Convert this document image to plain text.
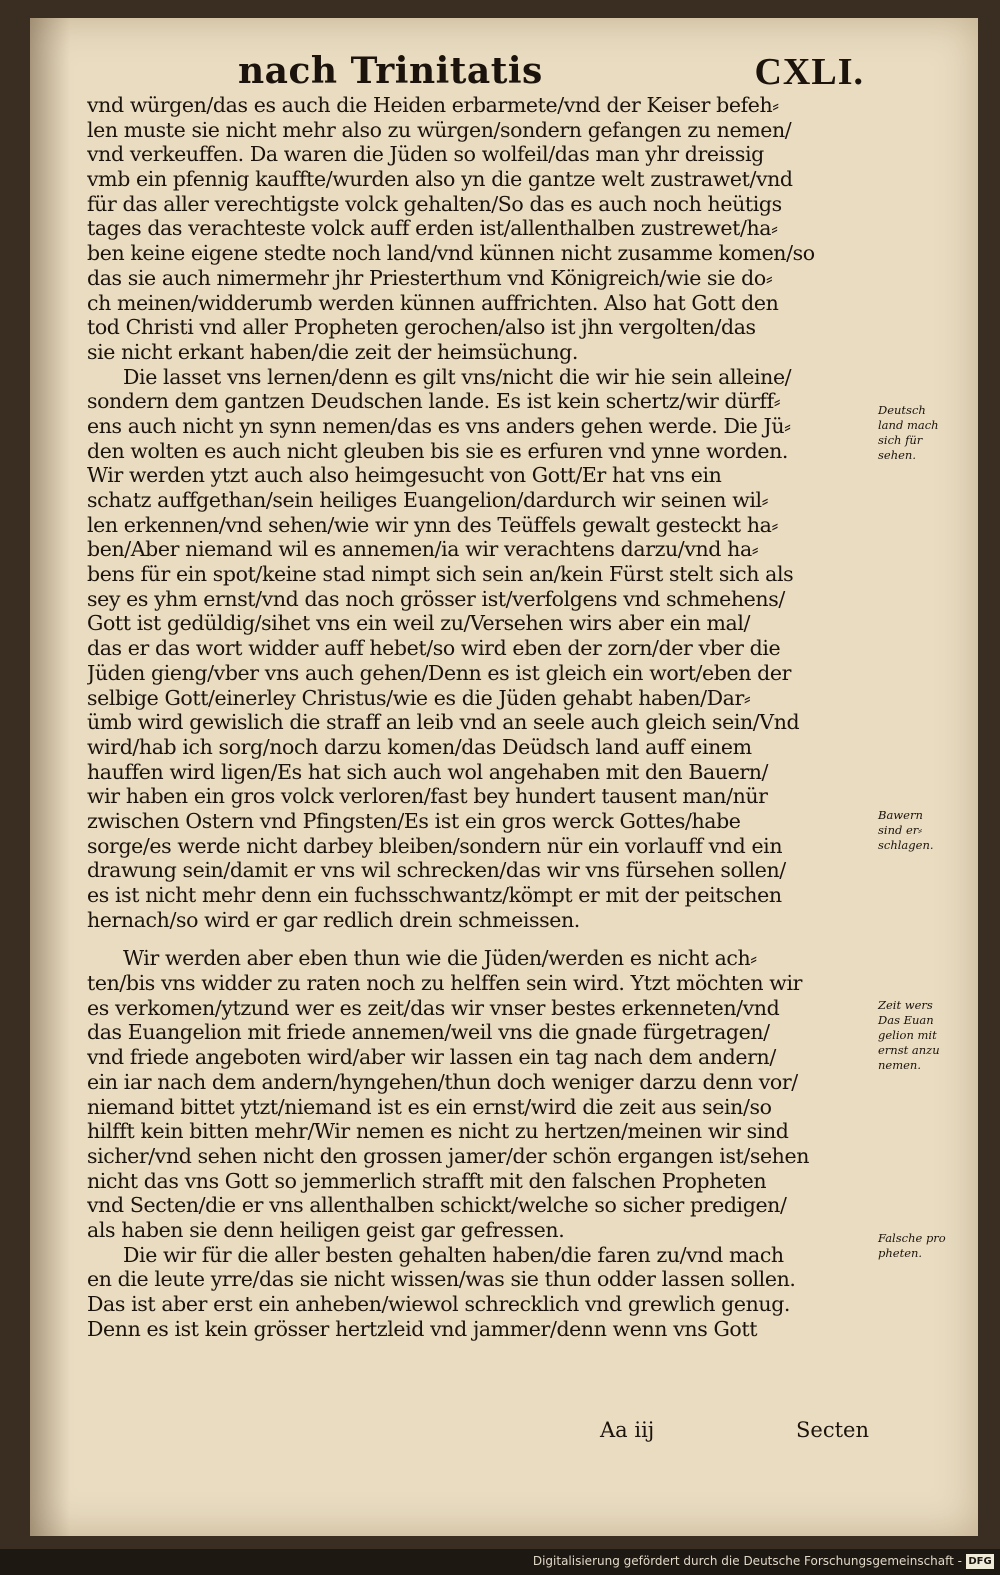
nach Trinitatis	CXLI.
vnd würgen/das es auch die Heiden erbarmete/vnd der Keiser befeh⸗
len muste sie nicht mehr also zu würgen/sondern gefangen zu nemen/
vnd verkeuffen. Da waren die Jüden so wolfeil/das man yhr dreissig
vmb ein pfennig kauffte/wurden also yn die gantze welt zustrawet/vnd
für das aller verechtigste volck gehalten/So das es auch noch heütigs
tages das verachteste volck auff erden ist/allenthalben zustrewet/ha⸗
ben keine eigene stedte noch land/vnd künnen nicht zusamme komen/so
das sie auch nimermehr jhr Priesterthum vnd Königreich/wie sie do⸗
ch meinen/widderumb werden künnen auffrichten. Also hat Gott den
tod Christi vnd aller Propheten gerochen/also ist jhn vergolten/das
sie nicht erkant haben/die zeit der heimsüchung.
Die lasset vns lernen/denn es gilt vns/nicht die wir hie sein alleine/
sondern dem gantzen Deudschen lande. Es ist kein schertz/wir dürff⸗
ens auch nicht yn synn nemen/das es vns anders gehen werde. Die Jü⸗
den wolten es auch nicht gleuben bis sie es erfuren vnd ynne worden.
Wir werden ytzt auch also heimgesucht von Gott/Er hat vns ein
schatz auffgethan/sein heiliges Euangelion/dardurch wir seinen wil⸗
len erkennen/vnd sehen/wie wir ynn des Teüffels gewalt gesteckt ha⸗
ben/Aber niemand wil es annemen/ia wir verachtens darzu/vnd ha⸗
bens für ein spot/keine stad nimpt sich sein an/kein Fürst stelt sich als
sey es yhm ernst/vnd das noch grösser ist/verfolgens vnd schmehens/
Gott ist gedüldig/sihet vns ein weil zu/Versehen wirs aber ein mal/
das er das wort widder auff hebet/so wird eben der zorn/der vber die
Jüden gieng/vber vns auch gehen/Denn es ist gleich ein wort/eben der
selbige Gott/einerley Christus/wie es die Jüden gehabt haben/Dar⸗
ümb wird gewislich die straff an leib vnd an seele auch gleich sein/Vnd
wird/hab ich sorg/noch darzu komen/das Deüdsch land auff einem
hauffen wird ligen/Es hat sich auch wol angehaben mit den Bauern/
wir haben ein gros volck verloren/fast bey hundert tausent man/nür
zwischen Ostern vnd Pfingsten/Es ist ein gros werck Gottes/habe
sorge/es werde nicht darbey bleiben/sondern nür ein vorlauff vnd ein
drawung sein/damit er vns wil schrecken/das wir vns fürsehen sollen/
es ist nicht mehr denn ein fuchsschwantz/kömpt er mit der peitschen
hernach/so wird er gar redlich drein schmeissen.
Wir werden aber eben thun wie die Jüden/werden es nicht ach⸗
ten/bis vns widder zu raten noch zu helffen sein wird. Ytzt möchten wir
es verkomen/ytzund wer es zeit/das wir vnser bestes erkenneten/vnd
das Euangelion mit friede annemen/weil vns die gnade fürgetragen/
vnd friede angeboten wird/aber wir lassen ein tag nach dem andern/
ein iar nach dem andern/hyngehen/thun doch weniger darzu denn vor/
niemand bittet ytzt/niemand ist es ein ernst/wird die zeit aus sein/so
hilfft kein bitten mehr/Wir nemen es nicht zu hertzen/meinen wir sind
sicher/vnd sehen nicht den grossen jamer/der schön ergangen ist/sehen
nicht das vns Gott so jemmerlich strafft mit den falschen Propheten
vnd Secten/die er vns allenthalben schickt/welche so sicher predigen/
als haben sie denn heiligen geist gar gefressen.
Die wir für die aller besten gehalten haben/die faren zu/vnd mach
en die leute yrre/das sie nicht wissen/was sie thun odder lassen sollen.
Das ist aber erst ein anheben/wiewol schrecklich vnd grewlich genug.
Denn es ist kein grösser hertzleid vnd jammer/denn wenn vns Gott
Deutsch
land mach
sich für
sehen.
Bawern
sind er⸗
schlagen.
Zeit wers
Das Euan
gelion mit
ernst anzu
nemen.
Falsche pro
pheten.
Aa iij	Secten
Digitalisierung gefördert durch die Deutsche Forschungsgemeinschaft - DFG
